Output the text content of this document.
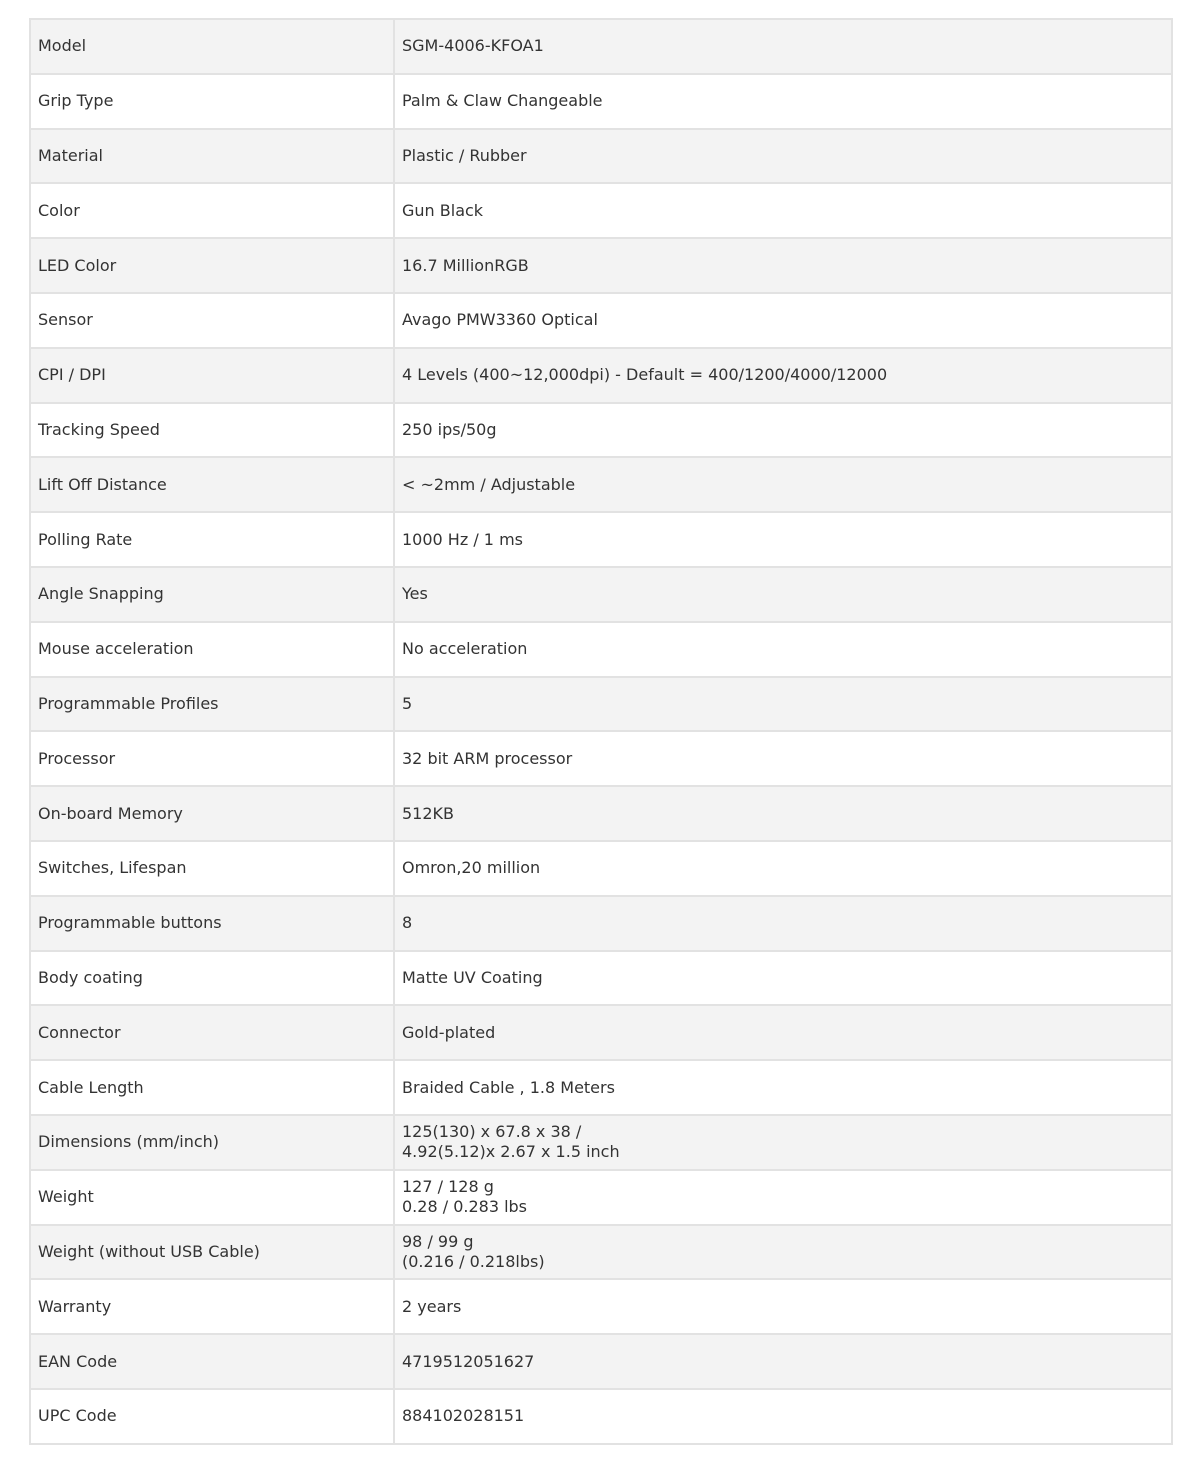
Model	SGM-4006-KFOA1

Grip Type	Palm & Claw Changeable

Material	Plastic / Rubber

Color	Gun Black

LED Color	16.7 MillionRGB

Sensor	Avago PMW3360 Optical

CPI / DPI	4 Levels (400~12,000dpi) - Default = 400/1200/4000/12000

Tracking Speed	250 ips/50g

Lift Off Distance	< ~2mm / Adjustable

Polling Rate	1000 Hz / 1 ms

Angle Snapping	Yes

Mouse acceleration	No acceleration

Programmable Profiles	5

Processor	32 bit ARM processor

On-board Memory	512KB

Switches, Lifespan	Omron,20 million

Programmable buttons	8

Body coating	Matte UV Coating

Connector	Gold-plated

Cable Length	Braided Cable , 1.8 Meters

Dimensions (mm/inch)	125(130) x 67.8 x 38 /
4.92(5.12)x 2.67 x 1.5 inch

Weight	127 / 128 g
0.28 / 0.283 lbs

Weight (without USB Cable)	98 / 99 g
(0.216 / 0.218lbs)

Warranty	2 years

EAN Code	4719512051627

UPC Code	884102028151
